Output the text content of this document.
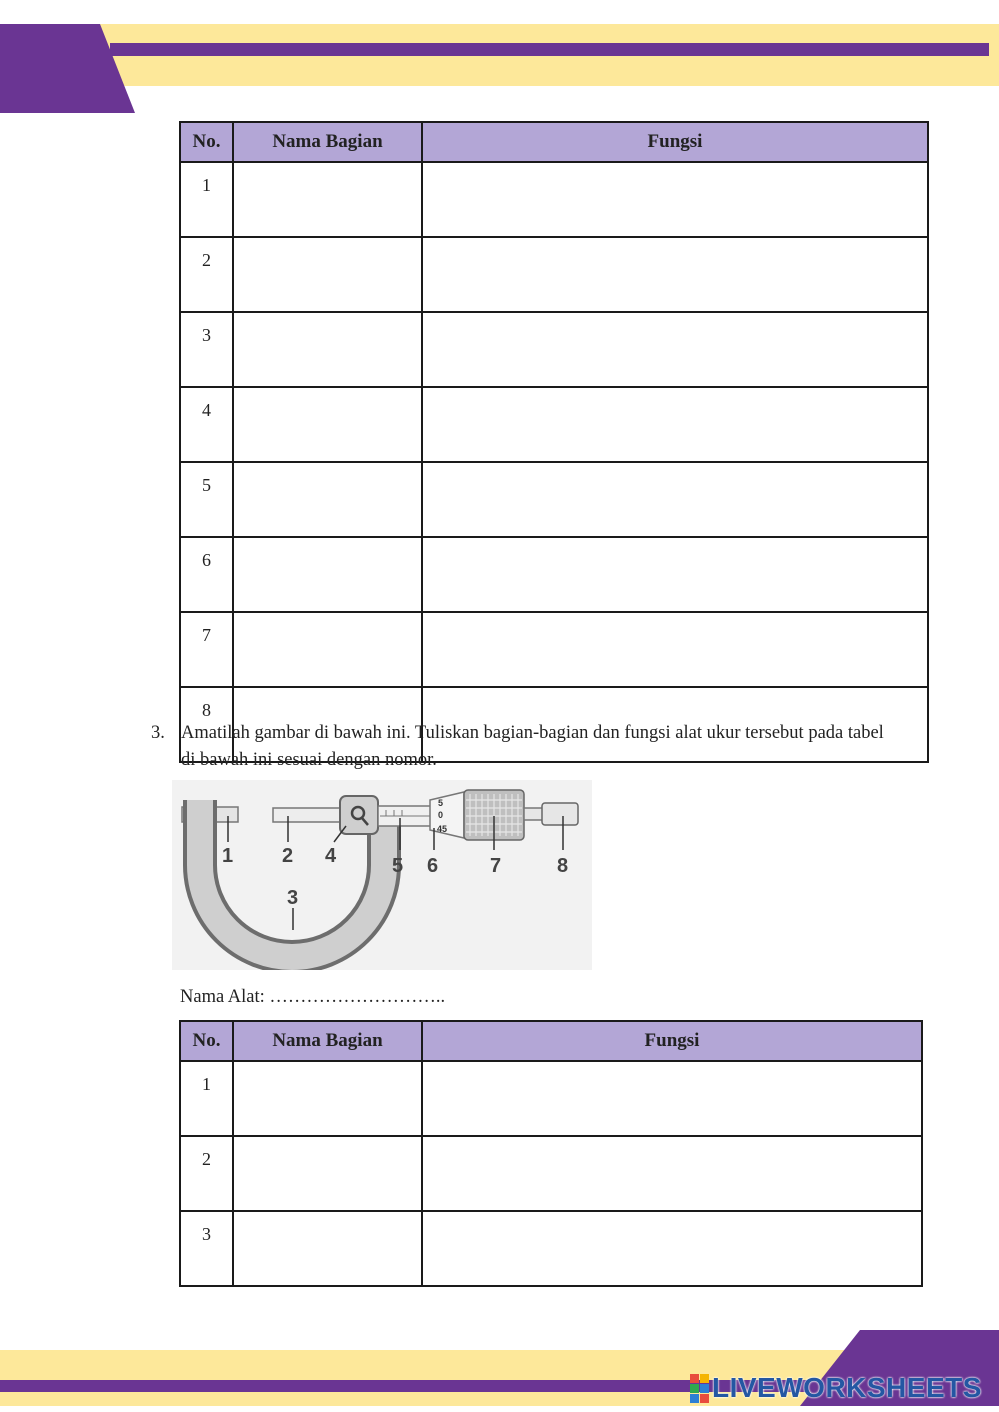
No.	Nama Bagian	Fungsi
1		
2		
3		
4		
5		
6		
7		
8		
3. Amatilah gambar di bawah ini. Tuliskan bagian-bagian dan fungsi alat ukur tersebut pada tabel di bawah ini sesuai dengan nomor.
5
0
45
1 2
3
4	5 6	7	8
Nama Alat: ………………………..
No.	Nama Bagian	Fungsi
1		
2		
3		
LIVEWORKSHEETS
